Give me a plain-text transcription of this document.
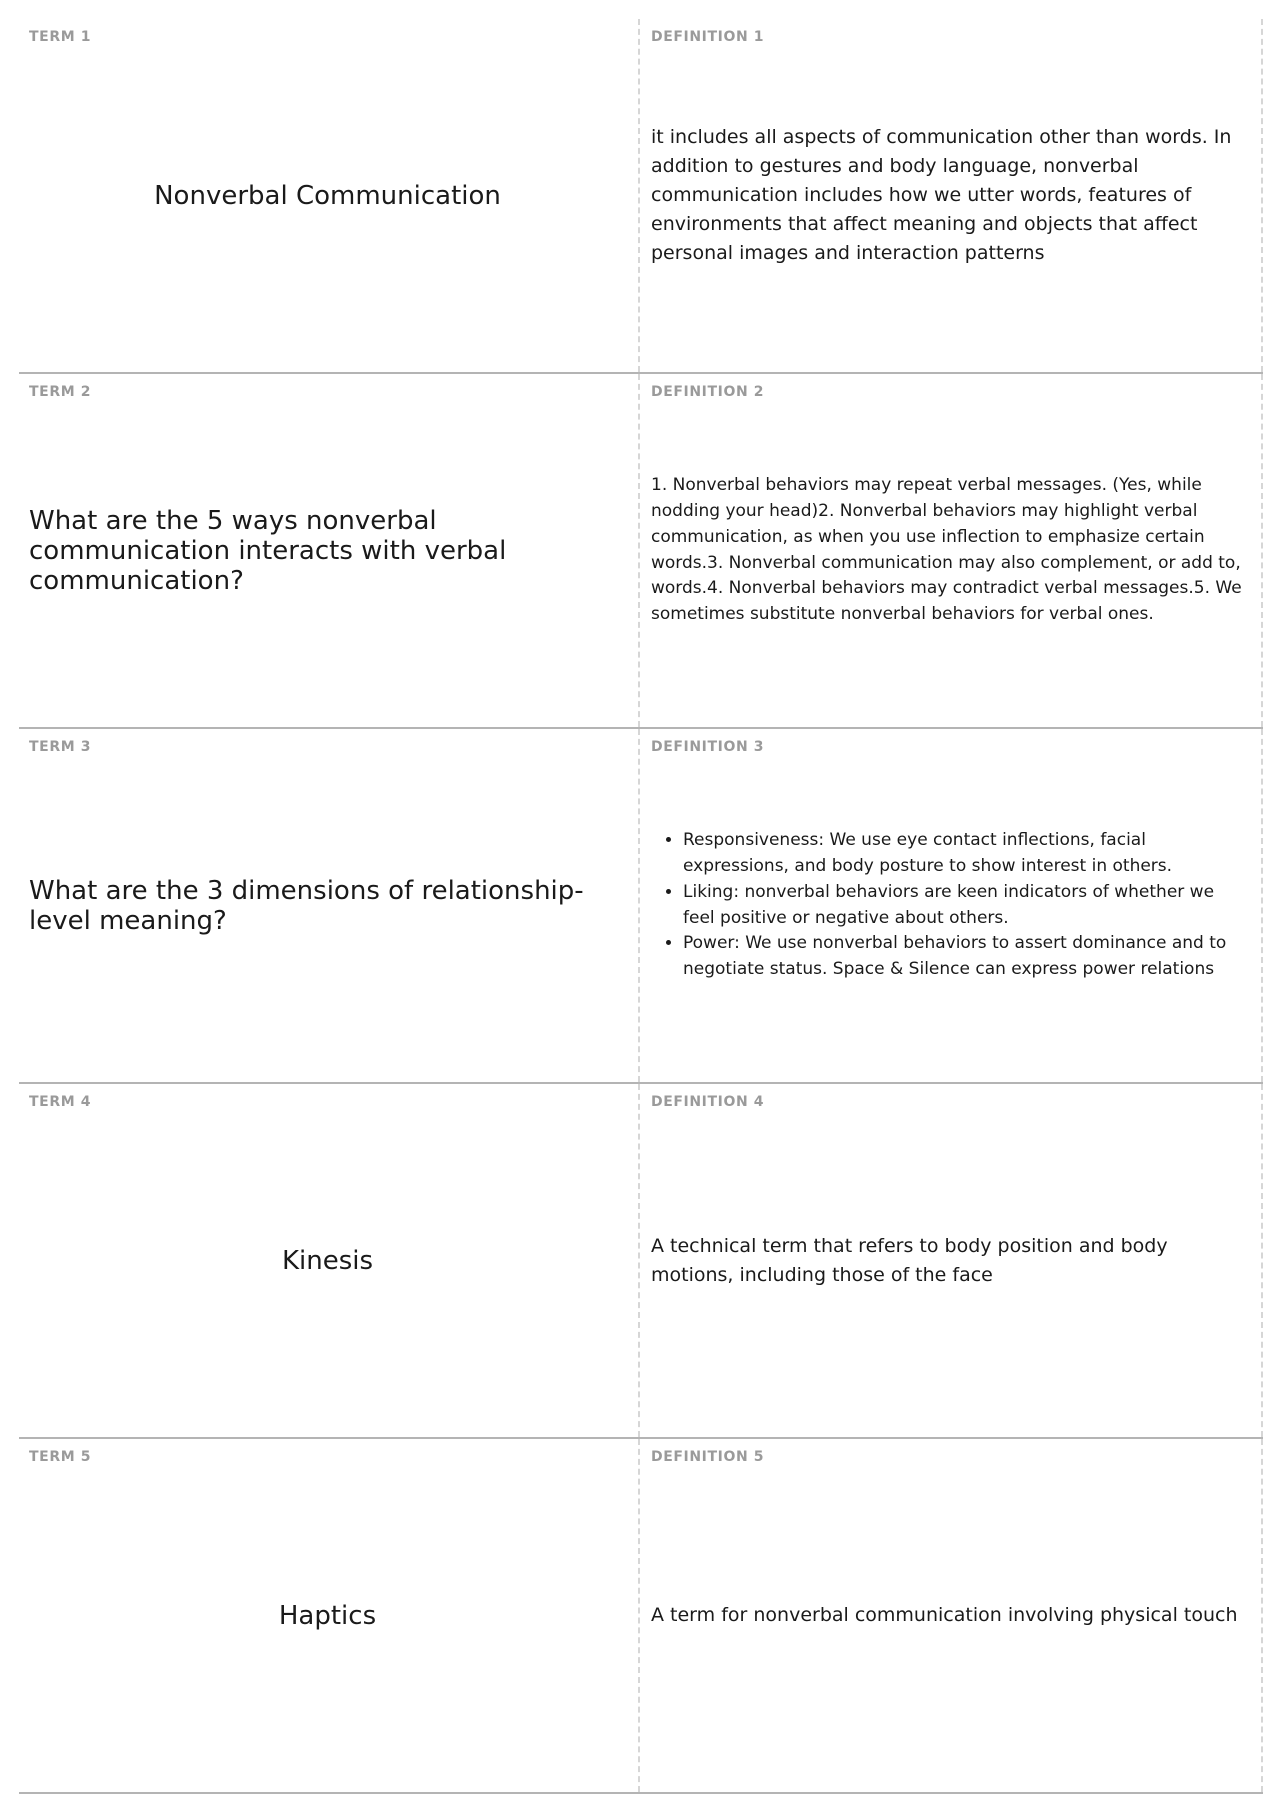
TERM 1
Nonverbal Communication
DEFINITION 1
it includes all aspects of communication other than words. In addition to gestures and body language, nonverbal communication includes how we utter words, features of environments that affect meaning and objects that affect personal images and interaction patterns
TERM 2
What are the 5 ways nonverbal communication interacts with verbal communication?
DEFINITION 2
1. Nonverbal behaviors may repeat verbal messages. (Yes, while nodding your head)2. Nonverbal behaviors may highlight verbal communication, as when you use inflection to emphasize certain words.3. Nonverbal communication may also complement, or add to, words.4. Nonverbal behaviors may contradict verbal messages.5. We sometimes substitute nonverbal behaviors for verbal ones.
TERM 3
What are the 3 dimensions of relationship-level meaning?
DEFINITION 3
• Responsiveness: We use eye contact inflections, facial expressions, and body posture to show interest in others.
• Liking: nonverbal behaviors are keen indicators of whether we feel positive or negative about others.
• Power: We use nonverbal behaviors to assert dominance and to negotiate status. Space & Silence can express power relations
TERM 4
Kinesis
DEFINITION 4
A technical term that refers to body position and body motions, including those of the face
TERM 5
Haptics
DEFINITION 5
A term for nonverbal communication involving physical touch
